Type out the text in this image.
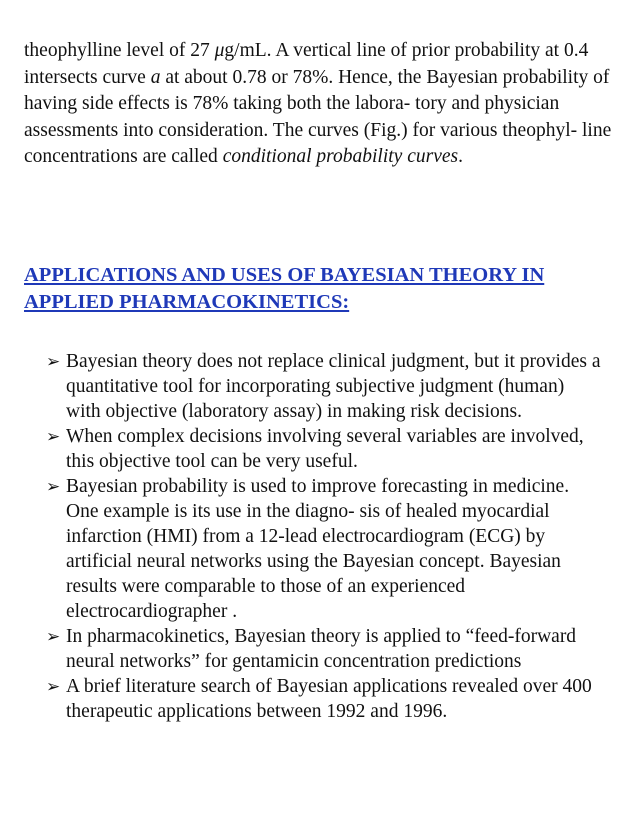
theophylline level of 27 μg/mL. A vertical line of prior probability at 0.4 intersects curve a at about 0.78 or 78%. Hence, the Bayesian probability of having side effects is 78% taking both the labora- tory and physician assessments into consideration. The curves (Fig.) for various theophyl- line concentrations are called conditional probability curves.

APPLICATIONS AND USES OF BAYESIAN THEORY IN APPLIED PHARMACOKINETICS:
➢ Bayesian theory does not replace clinical judgment, but it provides a quantitative tool for incorporating subjective judgment (human) with objective (laboratory assay) in making risk decisions.
➢ When complex decisions involving several variables are involved, this objective tool can be very useful.
➢ Bayesian probability is used to improve forecasting in medicine. One example is its use in the diagno- sis of healed myocardial infarction (HMI) from a 12-lead electrocardiogram (ECG) by artificial neural networks using the Bayesian concept. Bayesian results were comparable to those of an experienced electrocardiographer .
➢ In pharmacokinetics, Bayesian theory is applied to “feed-forward neural networks” for gentamicin concentration predictions
➢ A brief literature search of Bayesian applications revealed over 400 therapeutic applications between 1992 and 1996.
